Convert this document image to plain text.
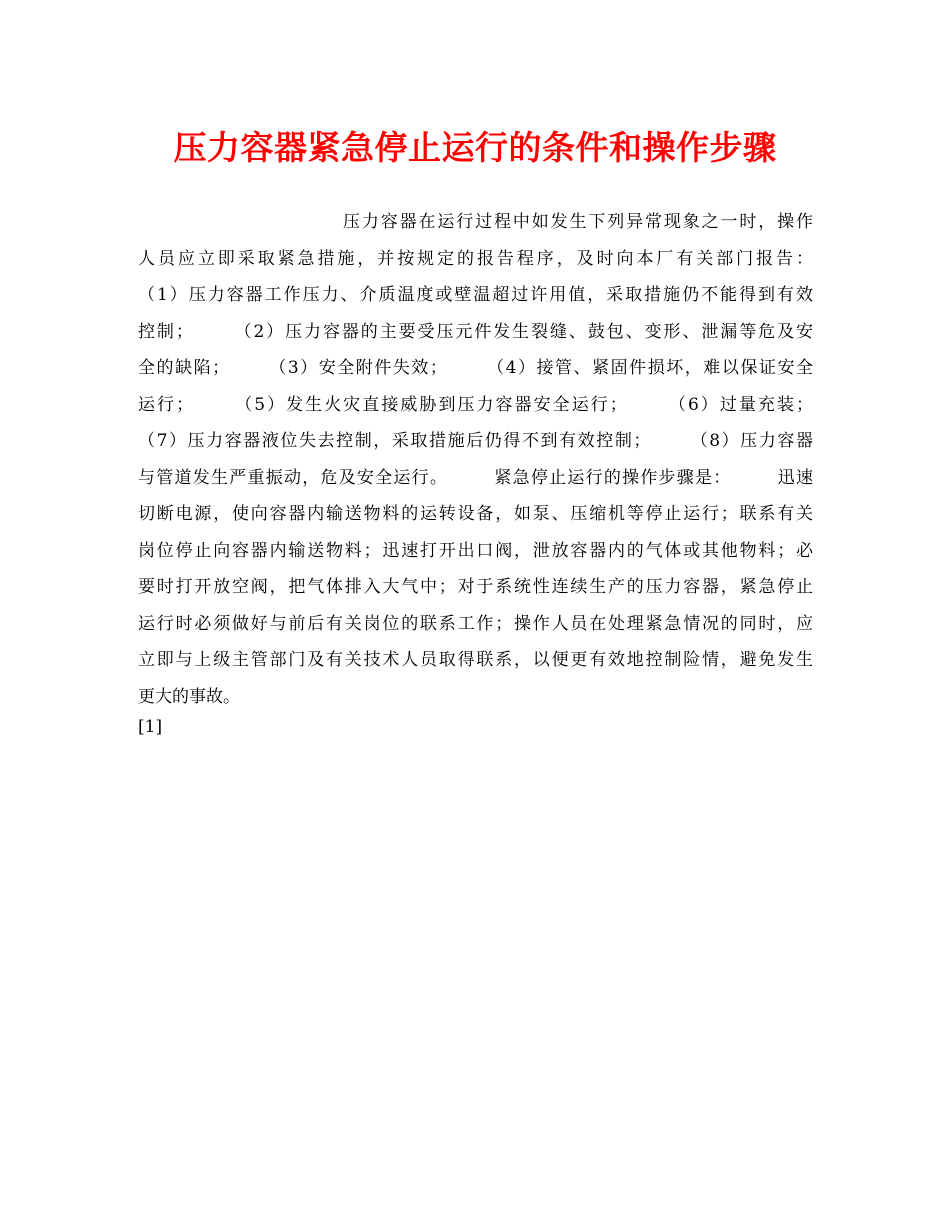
压力容器紧急停止运行的条件和操作步骤
压力容器在运行过程中如发生下列异常现象之一时，操作
人员应立即采取紧急措施，并按规定的报告程序，及时向本厂有关部门报告：
（1）压力容器工作压力、介质温度或壁温超过许用值，采取措施仍不能得到有效
控制；　　　（2）压力容器的主要受压元件发生裂缝、鼓包、变形、泄漏等危及安
全的缺陷；　　　（3）安全附件失效；　　　（4）接管、紧固件损坏，难以保证安全
运行；　　　（5）发生火灾直接威胁到压力容器安全运行；　　　（6）过量充装；
（7）压力容器液位失去控制，采取措施后仍得不到有效控制；　　　（8）压力容器
与管道发生严重振动，危及安全运行。　　　紧急停止运行的操作步骤是：　　　迅速
切断电源，使向容器内输送物料的运转设备，如泵、压缩机等停止运行；联系有关
岗位停止向容器内输送物料；迅速打开出口阀，泄放容器内的气体或其他物料；必
要时打开放空阀，把气体排入大气中；对于系统性连续生产的压力容器，紧急停止
运行时必须做好与前后有关岗位的联系工作；操作人员在处理紧急情况的同时，应
立即与上级主管部门及有关技术人员取得联系，以便更有效地控制险情，避免发生
更大的事故。
[1]
